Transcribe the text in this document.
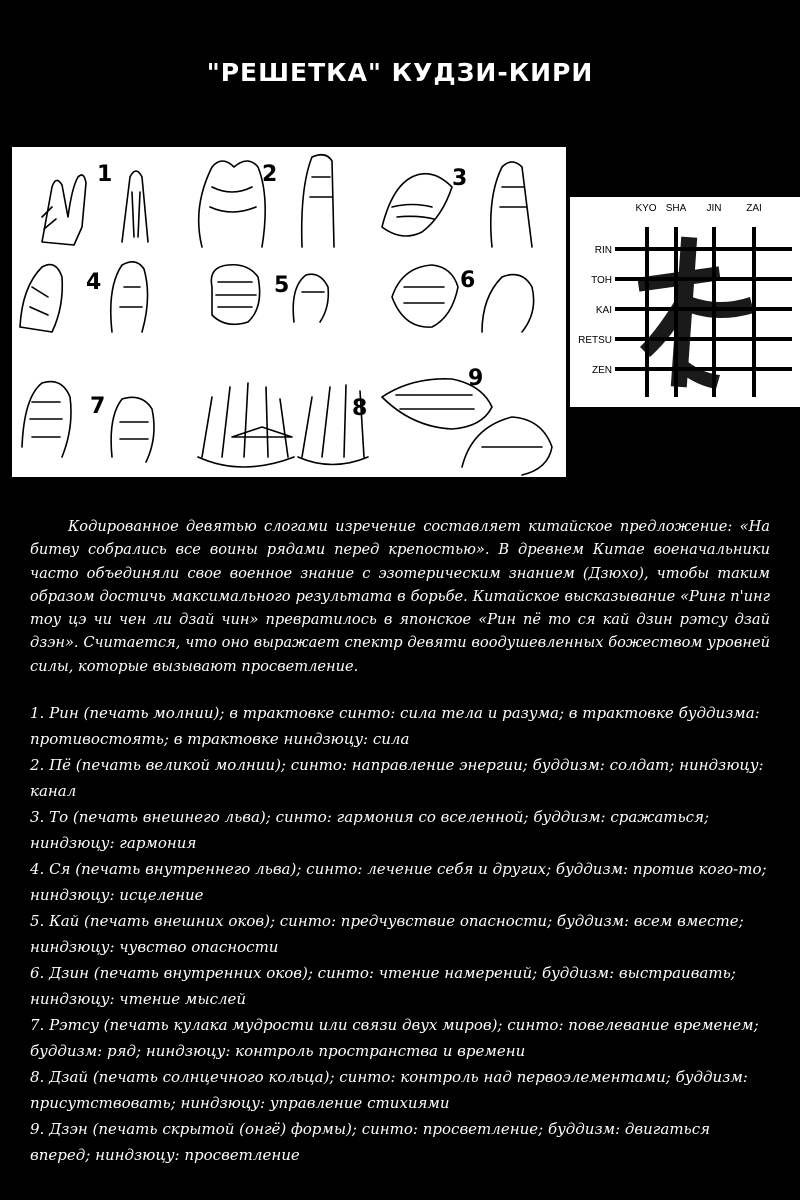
"РЕШЕТКА" КУДЗИ-КИРИ
1	2	3
4	5	6
7	8
9
KYO SHA JIN ZAI
RIN
TOH
KAI
RETSU
ZEN

Кодированное девятью слогами изречение составляет китайское предложение: «На битву собрались все воины рядами перед крепостью». В древнем Китае военачальники часто объединяли свое военное знание с эзотерическим знанием (Дзюхо), чтобы таким образом достичь максимального результата в борьбе. Китайское высказывание «Ринг п'инг тоу цэ чи чен ли дзай чин» превратилось в японское «Рин пё то ся кай дзин рэтсу дзай дзэн». Считается, что оно выражает спектр девяти воодушевленных божеством уровней силы, которые вызывают просветление.

1. Рин (печать молнии); в трактовке синто: сила тела и разума; в трактовке буддизма: противостоять; в трактовке ниндзюцу: сила

2. Пё (печать великой молнии); синто: направление энергии; буддизм: солдат; ниндзюцу: канал

3. То (печать внешнего льва); синто: гармония со вселенной; буддизм: сражаться; ниндзюцу: гармония

4. Ся (печать внутреннего льва); синто: лечение себя и других; буддизм: против кого-то; ниндзюцу: исцеление

5. Кай (печать внешних оков); синто: предчувствие опасности; буддизм: всем вместе; ниндзюцу: чувство опасности

6. Дзин (печать внутренних оков); синто: чтение намерений; буддизм: выстраивать; ниндзюцу: чтение мыслей

7. Рэтсу (печать кулака мудрости или связи двух миров); синто: повелевание временем; буддизм: ряд; ниндзюцу: контроль пространства и времени

8. Дзай (печать солнцечного кольца); синто: контроль над первоэлементами; буддизм: присутствовать; ниндзюцу: управление стихиями

9. Дзэн (печать скрытой (онгё) формы); синто: просветление; буддизм: двигаться вперед; ниндзюцу: просветление
